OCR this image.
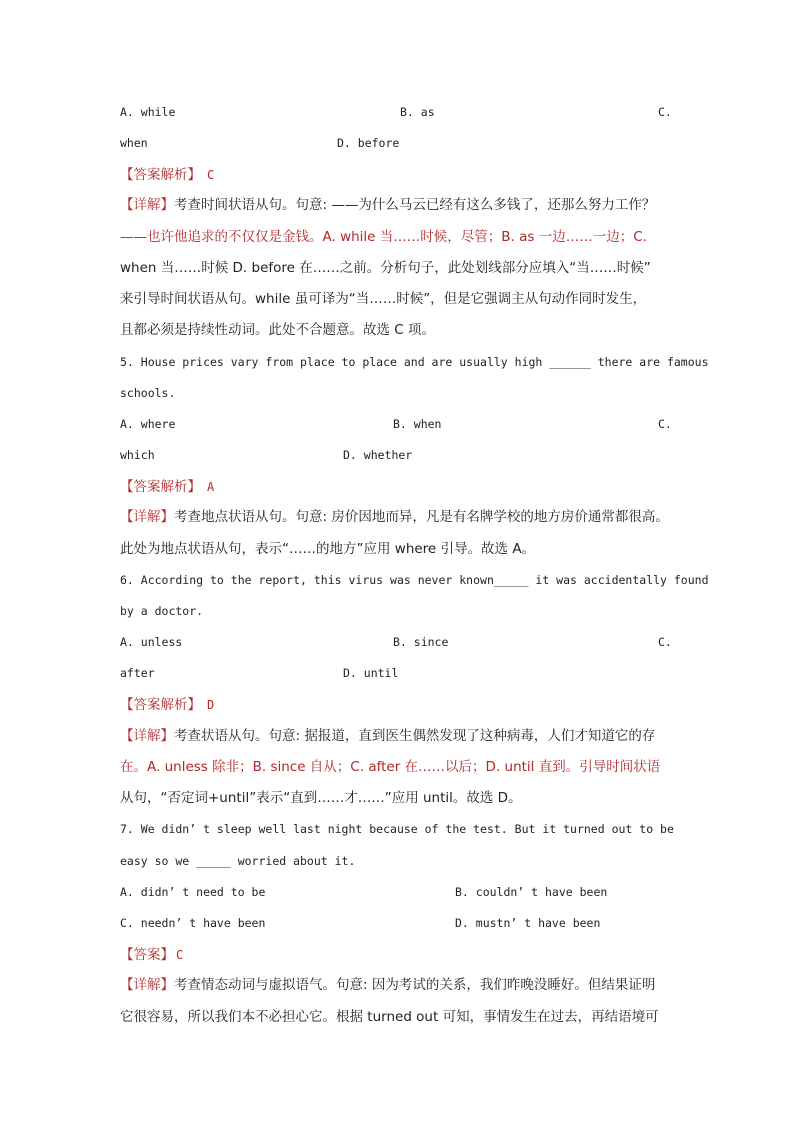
A. while	B. as	C.
when	D. before
【答案解析】 C
【详解】考查时间状语从句。句意: ——为什么马云已经有这么多钱了，还那么努力工作？
——也许他追求的不仅仅是金钱。A. while 当……时候，尽管；B. as 一边……一边；C.
when 当……时候 D. before 在……之前。分析句子，此处划线部分应填入“当……时候”
来引导时间状语从句。while 虽可译为“当……时候”，但是它强调主从句动作同时发生，
且都必须是持续性动词。此处不合题意。故选 C 项。
5. House prices vary from place to place and are usually high ______ there are famous
schools.
A. where	B. when	C.
which	D. whether
【答案解析】 A
【详解】考查地点状语从句。句意: 房价因地而异，凡是有名牌学校的地方房价通常都很高。
此处为地点状语从句，表示“……的地方”应用 where 引导。故选 A。
6. According to the report, this virus was never known_____ it was accidentally found
by a doctor.
A. unless	B. since	C.
after	D. until
【答案解析】 D
【详解】考查状语从句。句意: 据报道，直到医生偶然发现了这种病毒，人们才知道它的存
在。A. unless 除非；B. since 自从；C. after 在……以后；D. until 直到。引导时间状语
从句，“否定词+until”表示“直到……才……”应用 until。故选 D。
7. We didn’ t sleep well last night because of the test. But it turned out to be
easy so we _____ worried about it.
A. didn’ t need to be	B. couldn’ t have been
C. needn’ t have been	D. mustn’ t have been
【答案】 C
【详解】考查情态动词与虚拟语气。句意: 因为考试的关系，我们昨晚没睡好。但结果证明
它很容易，所以我们本不必担心它。根据 turned out 可知，事情发生在过去，再结语境可
